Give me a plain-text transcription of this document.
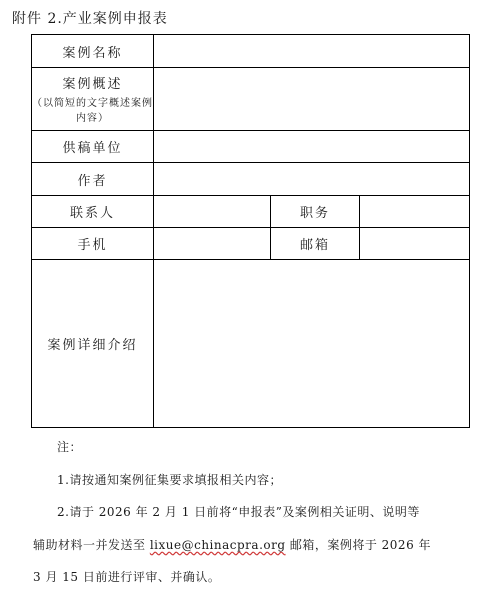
附件 2.产业案例申报表
案例名称			
案例概述
（以简短的文字概述案例内容）			

供稿单位			
作者			
联系人		职务	
手机		邮箱	
案例详细介绍			
注：
1.请按通知案例征集要求填报相关内容；
2.请于 2026 年 2 月 1 日前将“申报表”及案例相关证明、说明等
辅助材料一并发送至 lixue@chinacpra.org 邮箱，案例将于 2026 年
3 月 15 日前进行评审、并确认。
